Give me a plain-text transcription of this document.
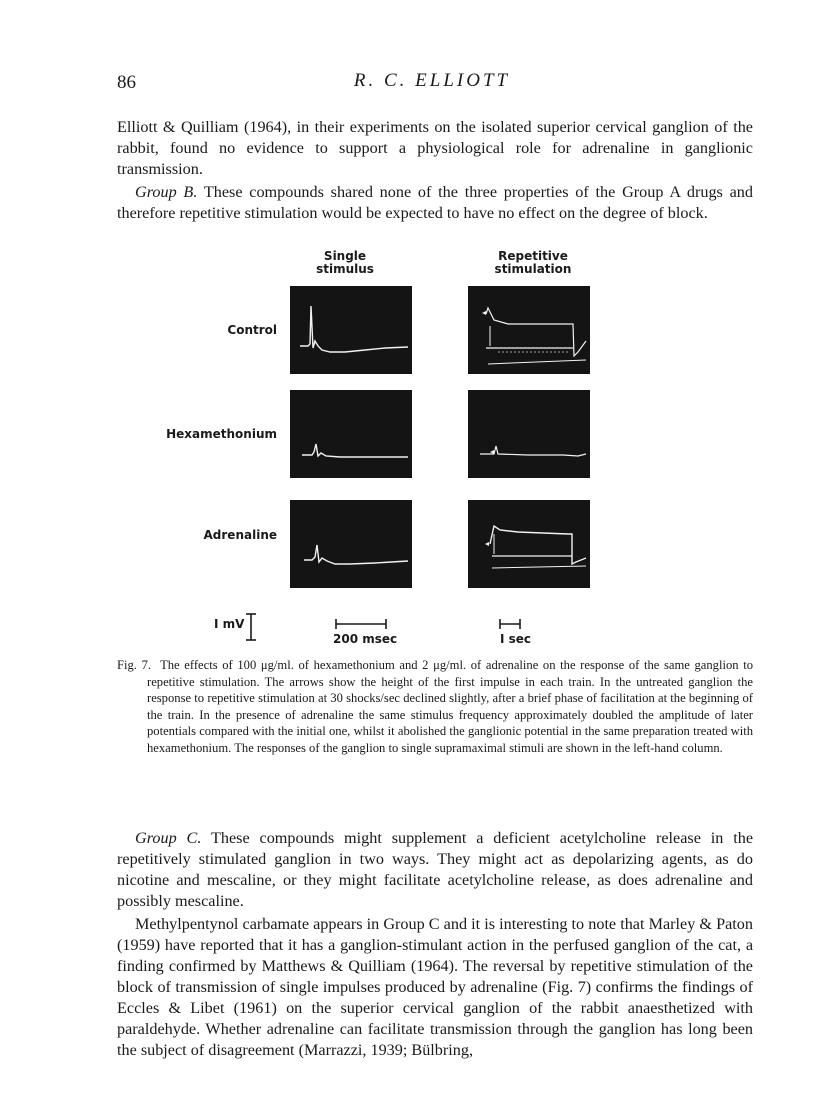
86	R. C. ELLIOTT

Elliott & Quilliam (1964), in their experiments on the isolated superior cervical ganglion of the rabbit, found no evidence to support a physiological role for adrenaline in ganglionic transmission.

Group B. These compounds shared none of the three properties of the Group A drugs and therefore repetitive stimulation would be expected to have no effect on the degree of block.

Single
stimulus
Repetitive
stimulation
Control
Hexamethonium
Adrenaline
I mV
200 msec	I sec

Fig. 7. The effects of 100 μg/ml. of hexamethonium and 2 μg/ml. of adrenaline on the response of the same ganglion to repetitive stimulation. The arrows show the height of the first impulse in each train. In the untreated ganglion the response to repetitive stimulation at 30 shocks/sec declined slightly, after a brief phase of facilitation at the beginning of the train. In the presence of adrenaline the same stimulus frequency approximately doubled the amplitude of later potentials compared with the initial one, whilst it abolished the ganglionic potential in the same preparation treated with hexamethonium. The responses of the ganglion to single supramaximal stimuli are shown in the left-hand column.

Group C. These compounds might supplement a deficient acetylcholine release in the repetitively stimulated ganglion in two ways. They might act as depolarizing agents, as do nicotine and mescaline, or they might facilitate acetylcholine release, as does adrenaline and possibly mescaline.

Methylpentynol carbamate appears in Group C and it is interesting to note that Marley & Paton (1959) have reported that it has a ganglion-stimulant action in the perfused ganglion of the cat, a finding confirmed by Matthews & Quilliam (1964). The reversal by repetitive stimulation of the block of transmission of single impulses produced by adrenaline (Fig. 7) confirms the findings of Eccles & Libet (1961) on the superior cervical ganglion of the rabbit anaesthetized with paraldehyde. Whether adrenaline can facilitate transmission through the ganglion has long been the subject of disagreement (Marrazzi, 1939; Bülbring,
